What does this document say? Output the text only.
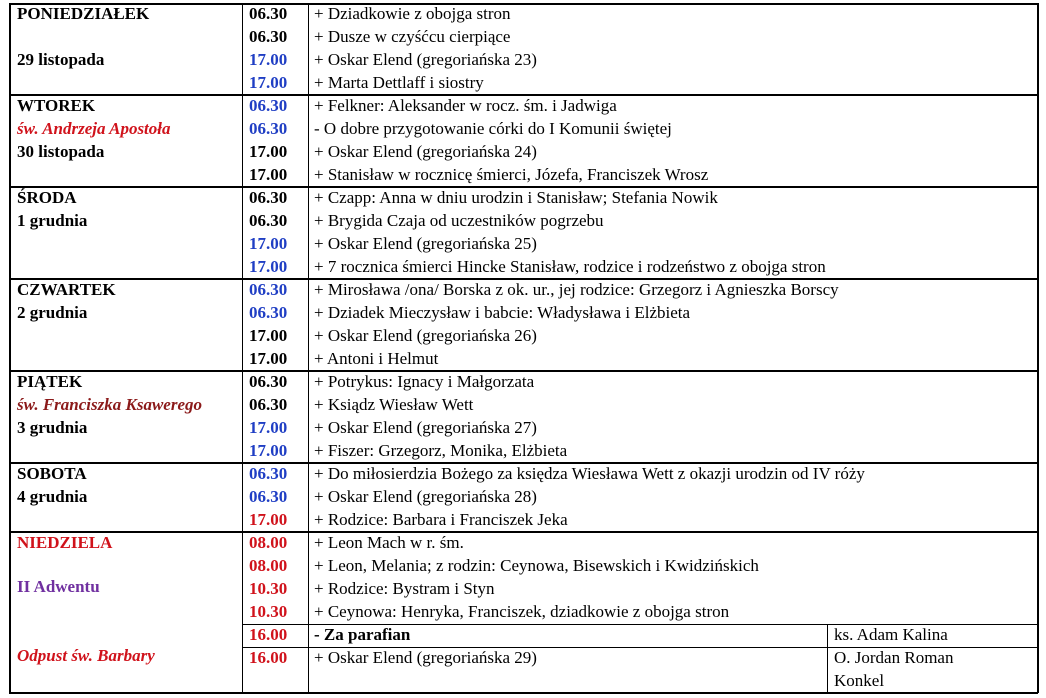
PONIEDZIAŁEK
29 listopada
06.30 + Dziadkowie z obojga stron
06.30 + Dusze w czyśćcu cierpiące
17.00 + Oskar Elend (gregoriańska 23)
17.00 + Marta Dettlaff i siostry
WTOREK
św. Andrzeja Apostoła
30 listopada
06.30 + Felkner: Aleksander w rocz. śm. i Jadwiga
06.30 - O dobre przygotowanie córki do I Komunii świętej
17.00 + Oskar Elend (gregoriańska 24)
17.00 + Stanisław w rocznicę śmierci, Józefa, Franciszek Wrosz
ŚRODA
1 grudnia
06.30 + Czapp: Anna w dniu urodzin i Stanisław; Stefania Nowik
06.30 + Brygida Czaja od uczestników pogrzebu
17.00 + Oskar Elend (gregoriańska 25)
17.00 + 7 rocznica śmierci Hincke Stanisław, rodzice i rodzeństwo z obojga stron
CZWARTEK
2 grudnia
06.30 + Mirosława /ona/ Borska z ok. ur., jej rodzice: Grzegorz i Agnieszka Borscy
06.30 + Dziadek Mieczysław i babcie: Władysława i Elżbieta
17.00 + Oskar Elend (gregoriańska 26)
17.00 + Antoni i Helmut
PIĄTEK
św. Franciszka Ksawerego
3 grudnia
06.30 + Potrykus: Ignacy i Małgorzata
06.30 + Ksiądz Wiesław Wett
17.00 + Oskar Elend (gregoriańska 27)
17.00 + Fiszer: Grzegorz, Monika, Elżbieta
SOBOTA
4 grudnia
06.30 + Do miłosierdzia Bożego za księdza Wiesława Wett z okazji urodzin od IV róży
06.30 + Oskar Elend (gregoriańska 28)
17.00 + Rodzice: Barbara i Franciszek Jeka
NIEDZIELA
II Adwentu
Odpust św. Barbary
08.00 + Leon Mach w r. śm.
08.00 + Leon, Melania; z rodzin: Ceynowa, Bisewskich i Kwidzińskich
10.30 + Rodzice: Bystram i Styn
10.30 + Ceynowa: Henryka, Franciszek, dziadkowie z obojga stron
16.00 - Za parafian	ks. Adam Kalina
16.00 + Oskar Elend (gregoriańska 29)	O. Jordan Roman
Konkel
